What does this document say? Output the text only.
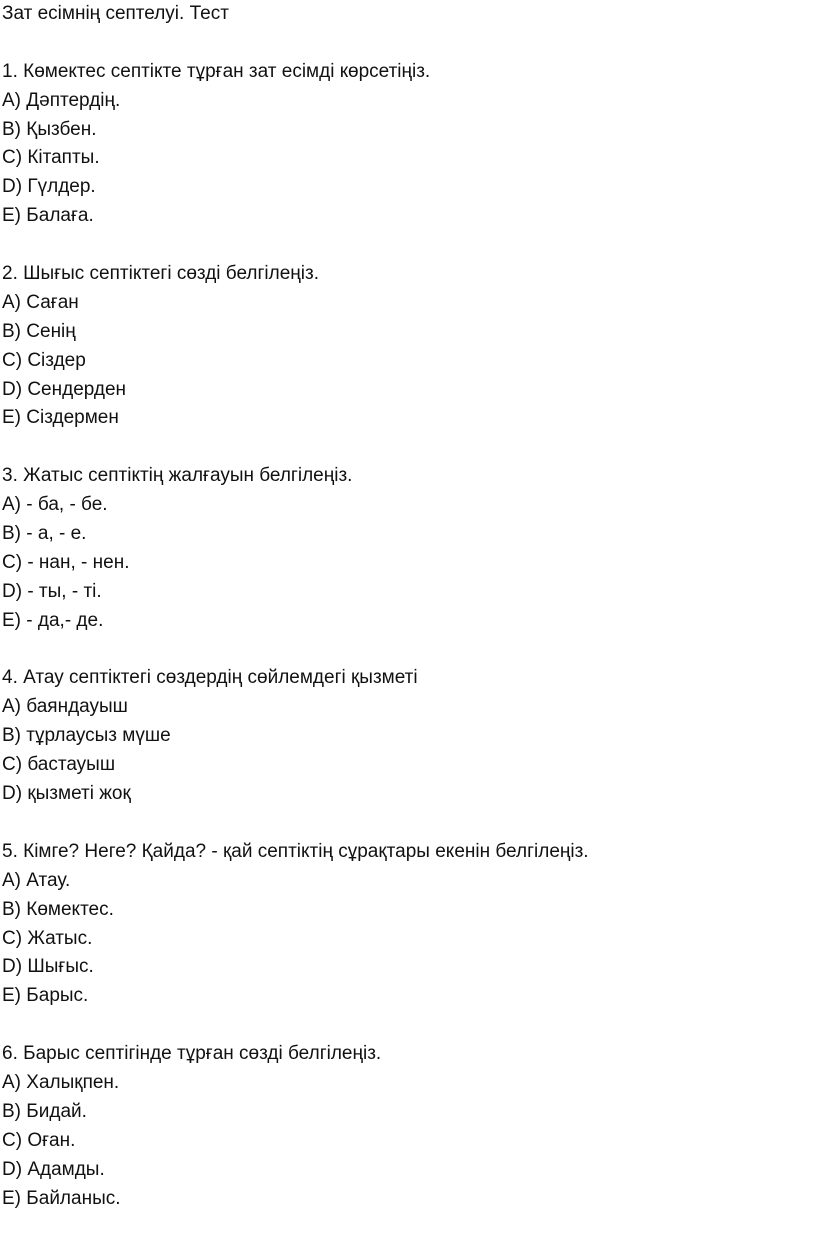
Зат есімнің септелуі. Тест

1. Көмектес септікте тұрған зат есімді көрсетіңіз.

A) Дәптердің.

B) Қызбен.

C) Кітапты.

D) Гүлдер.

E) Балаға.

2. Шығыс септіктегі сөзді белгілеңіз.

A) Саған

B) Сенің

C) Сіздер

D) Сендерден

E) Сіздермен

3. Жатыс септіктің жалғауын белгілеңіз.

A) - ба, - бе.

B) - а, - е.

C) - нан, - нен.

D) - ты, - ті.

E) - да,- де.

4. Атау септіктегі сөздердің сөйлемдегі қызметі

A) баяндауыш

B) тұрлаусыз мүше

C) бастауыш

D) қызметі жоқ

5. Кімге? Неге? Қайда? - қай септіктің сұрақтары екенін белгілеңіз.

A) Атау.

B) Көмектес.

C) Жатыс.

D) Шығыс.

E) Барыс.

6. Барыс септігінде тұрған сөзді белгілеңіз.

A) Халықпен.

B) Бидай.

C) Оған.

D) Адамды.

E) Байланыс.
